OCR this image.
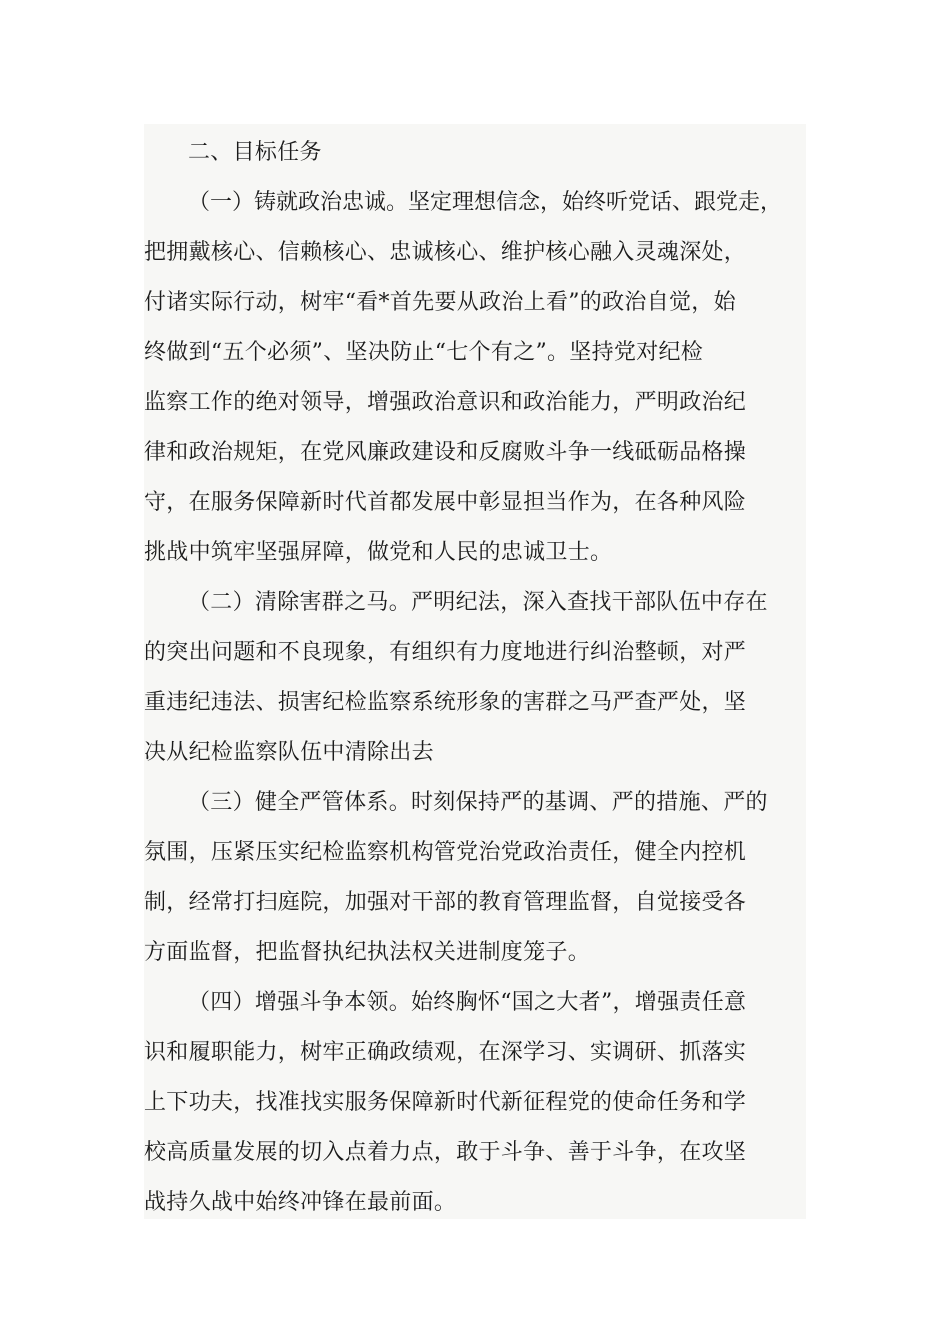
二、目标任务
（一）铸就政治忠诚。坚定理想信念，始终听党话、跟党走，
把拥戴核心、信赖核心、忠诚核心、维护核心融入灵魂深处，
付诸实际行动，树牢“看*首先要从政治上看”的政治自觉，始
终做到“五个必须”、坚决防止“七个有之”。坚持党对纪检
监察工作的绝对领导，增强政治意识和政治能力，严明政治纪
律和政治规矩，在党风廉政建设和反腐败斗争一线砥砺品格操
守，在服务保障新时代首都发展中彰显担当作为，在各种风险
挑战中筑牢坚强屏障，做党和人民的忠诚卫士。
（二）清除害群之马。严明纪法，深入查找干部队伍中存在
的突出问题和不良现象，有组织有力度地进行纠治整顿，对严
重违纪违法、损害纪检监察系统形象的害群之马严查严处，坚
决从纪检监察队伍中清除出去
（三）健全严管体系。时刻保持严的基调、严的措施、严的
氛围，压紧压实纪检监察机构管党治党政治责任，健全内控机
制，经常打扫庭院，加强对干部的教育管理监督，自觉接受各
方面监督，把监督执纪执法权关进制度笼子。
（四）增强斗争本领。始终胸怀“国之大者”，增强责任意
识和履职能力，树牢正确政绩观，在深学习、实调研、抓落实
上下功夫，找准找实服务保障新时代新征程党的使命任务和学
校高质量发展的切入点着力点，敢于斗争、善于斗争，在攻坚
战持久战中始终冲锋在最前面。
